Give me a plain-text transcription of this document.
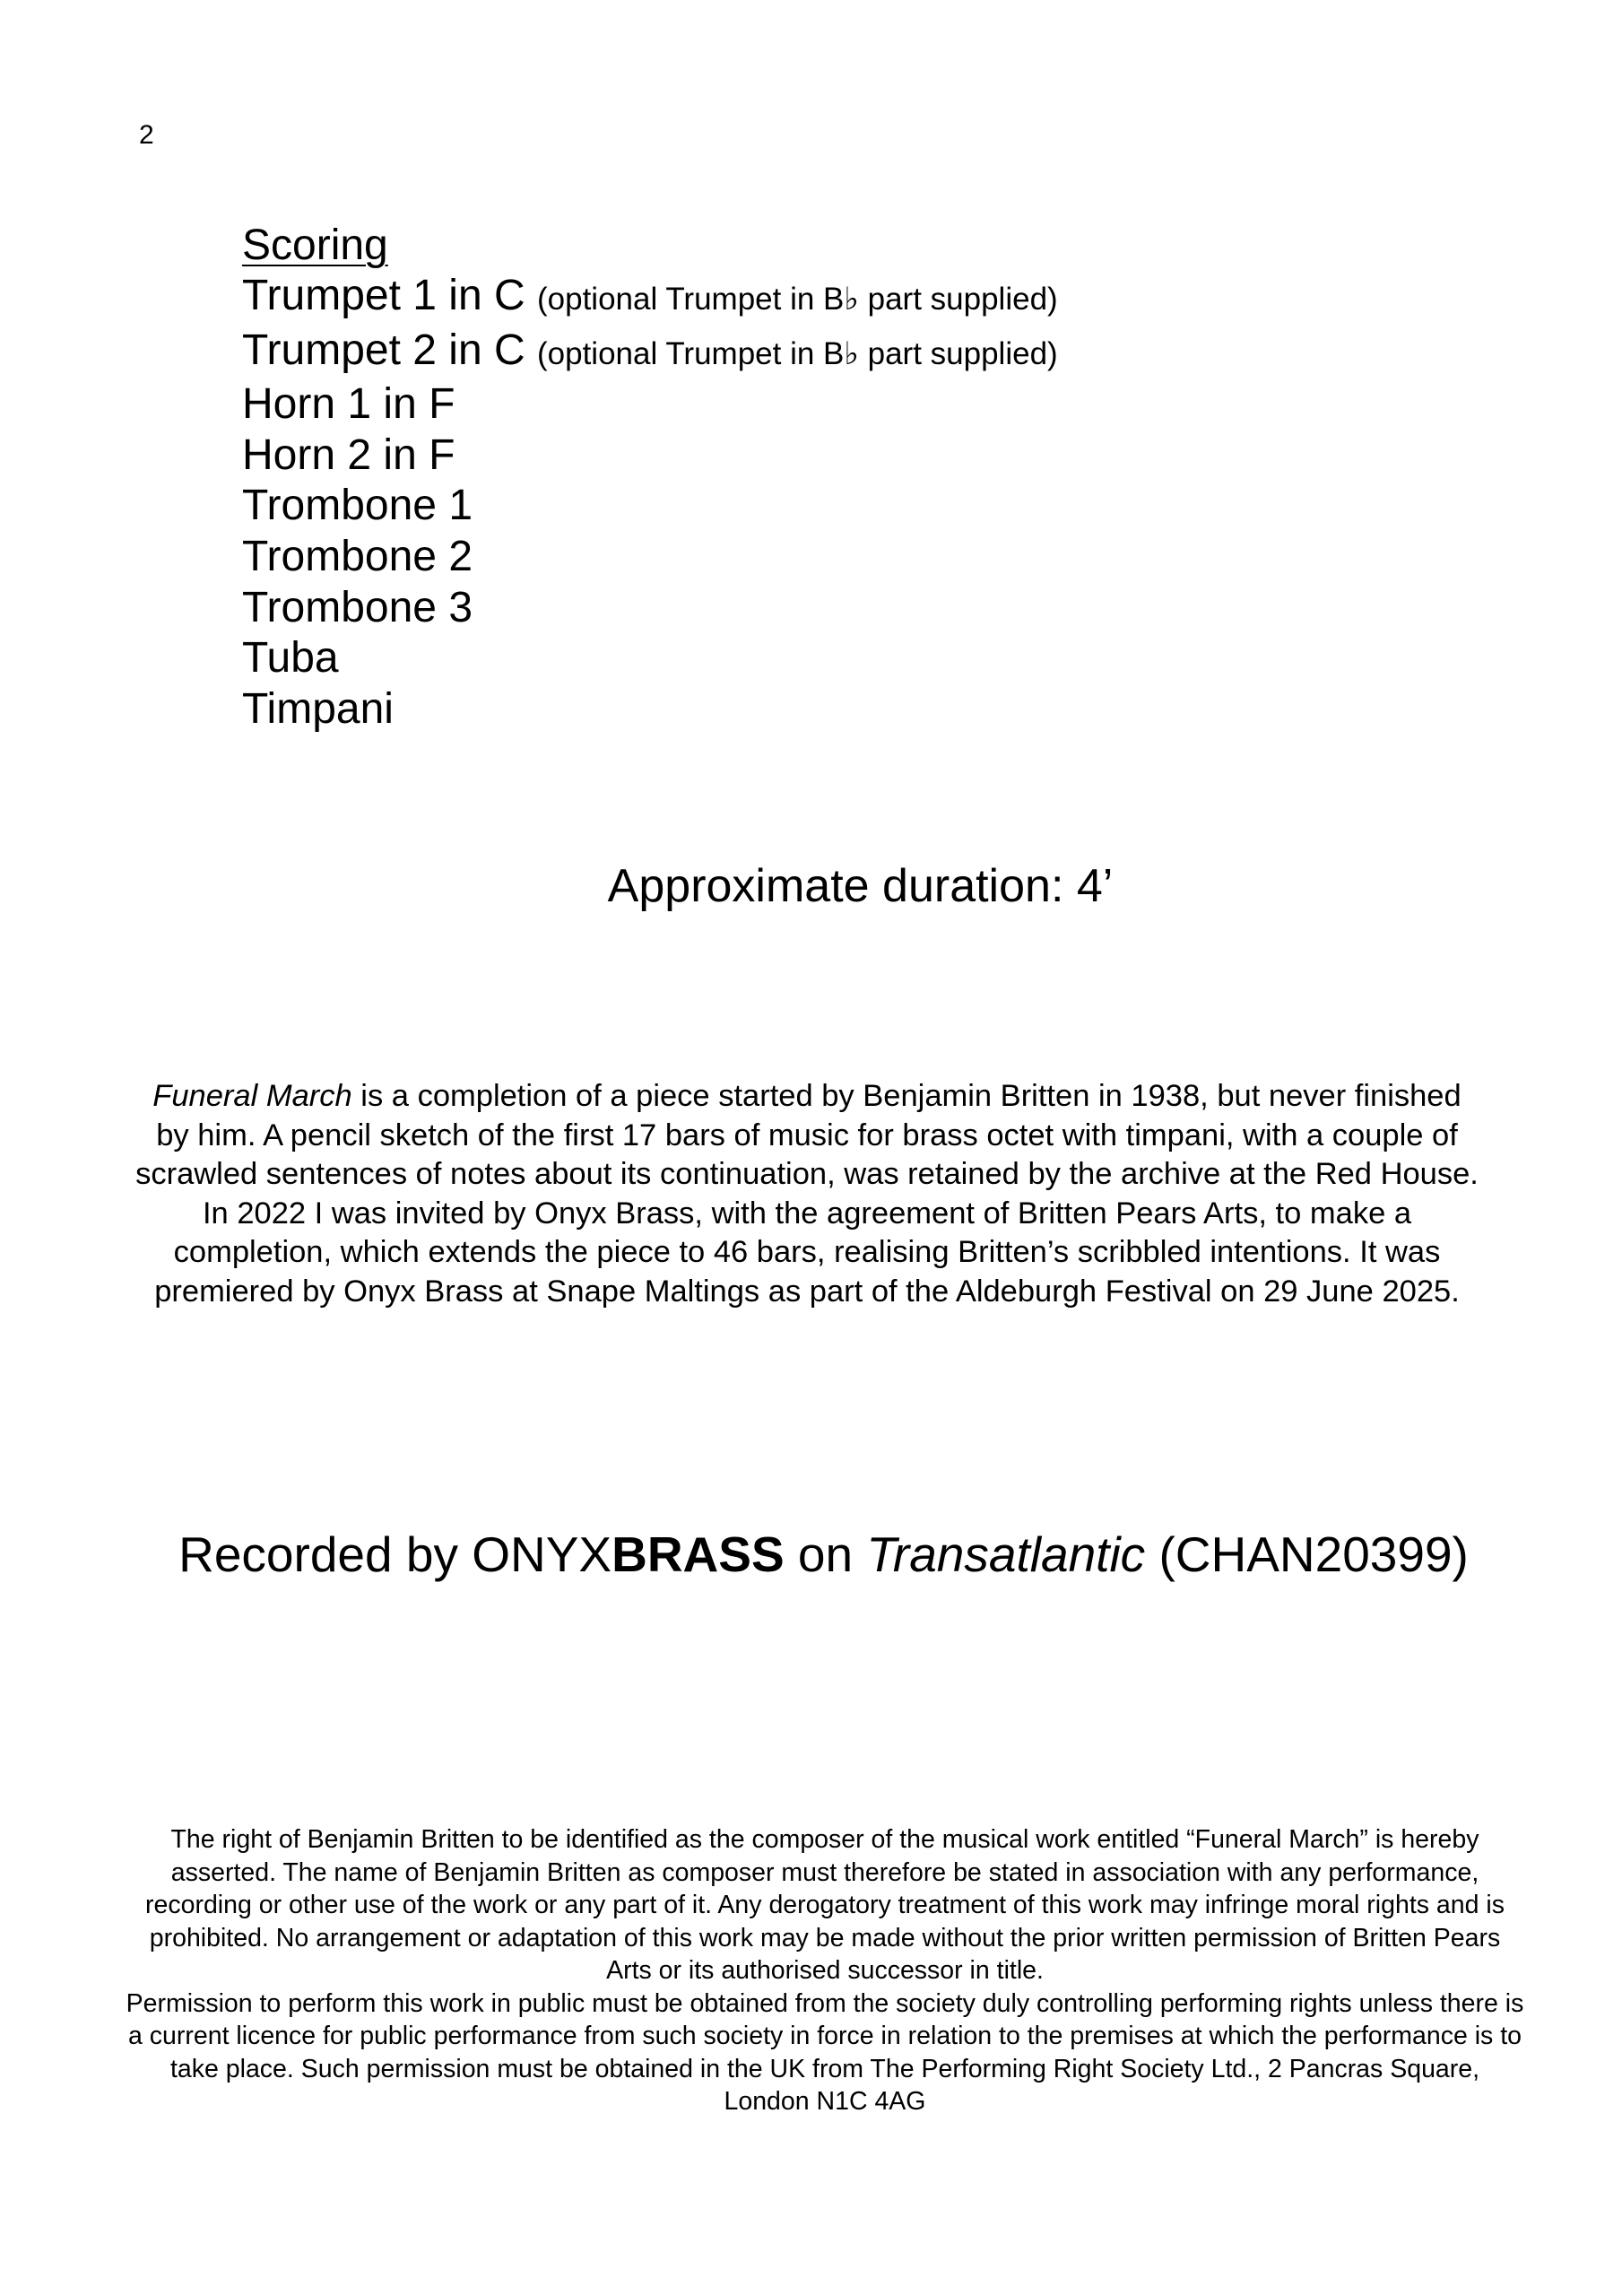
2
Scoring
Trumpet 1 in C (optional Trumpet in B♭ part supplied)
Trumpet 2 in C (optional Trumpet in B♭ part supplied)
Horn 1 in F
Horn 2 in F
Trombone 1
Trombone 2
Trombone 3
Tuba
Timpani
Approximate duration: 4’
Funeral March is a completion of a piece started by Benjamin Britten in 1938, but never finished by him. A pencil sketch of the first 17 bars of music for brass octet with timpani, with a couple of scrawled sentences of notes about its continuation, was retained by the archive at the Red House. In 2022 I was invited by Onyx Brass, with the agreement of Britten Pears Arts, to make a completion, which extends the piece to 46 bars, realising Britten’s scribbled intentions. It was premiered by Onyx Brass at Snape Maltings as part of the Aldeburgh Festival on 29 June 2025.
Recorded by ONYXBRASS on Transatlantic (CHAN20399)
The right of Benjamin Britten to be identified as the composer of the musical work entitled “Funeral March” is hereby asserted. The name of Benjamin Britten as composer must therefore be stated in association with any performance, recording or other use of the work or any part of it. Any derogatory treatment of this work may infringe moral rights and is prohibited. No arrangement or adaptation of this work may be made without the prior written permission of Britten Pears Arts or its authorised successor in title.
Permission to perform this work in public must be obtained from the society duly controlling performing rights unless there is a current licence for public performance from such society in force in relation to the premises at which the performance is to take place. Such permission must be obtained in the UK from The Performing Right Society Ltd., 2 Pancras Square, London N1C 4AG
